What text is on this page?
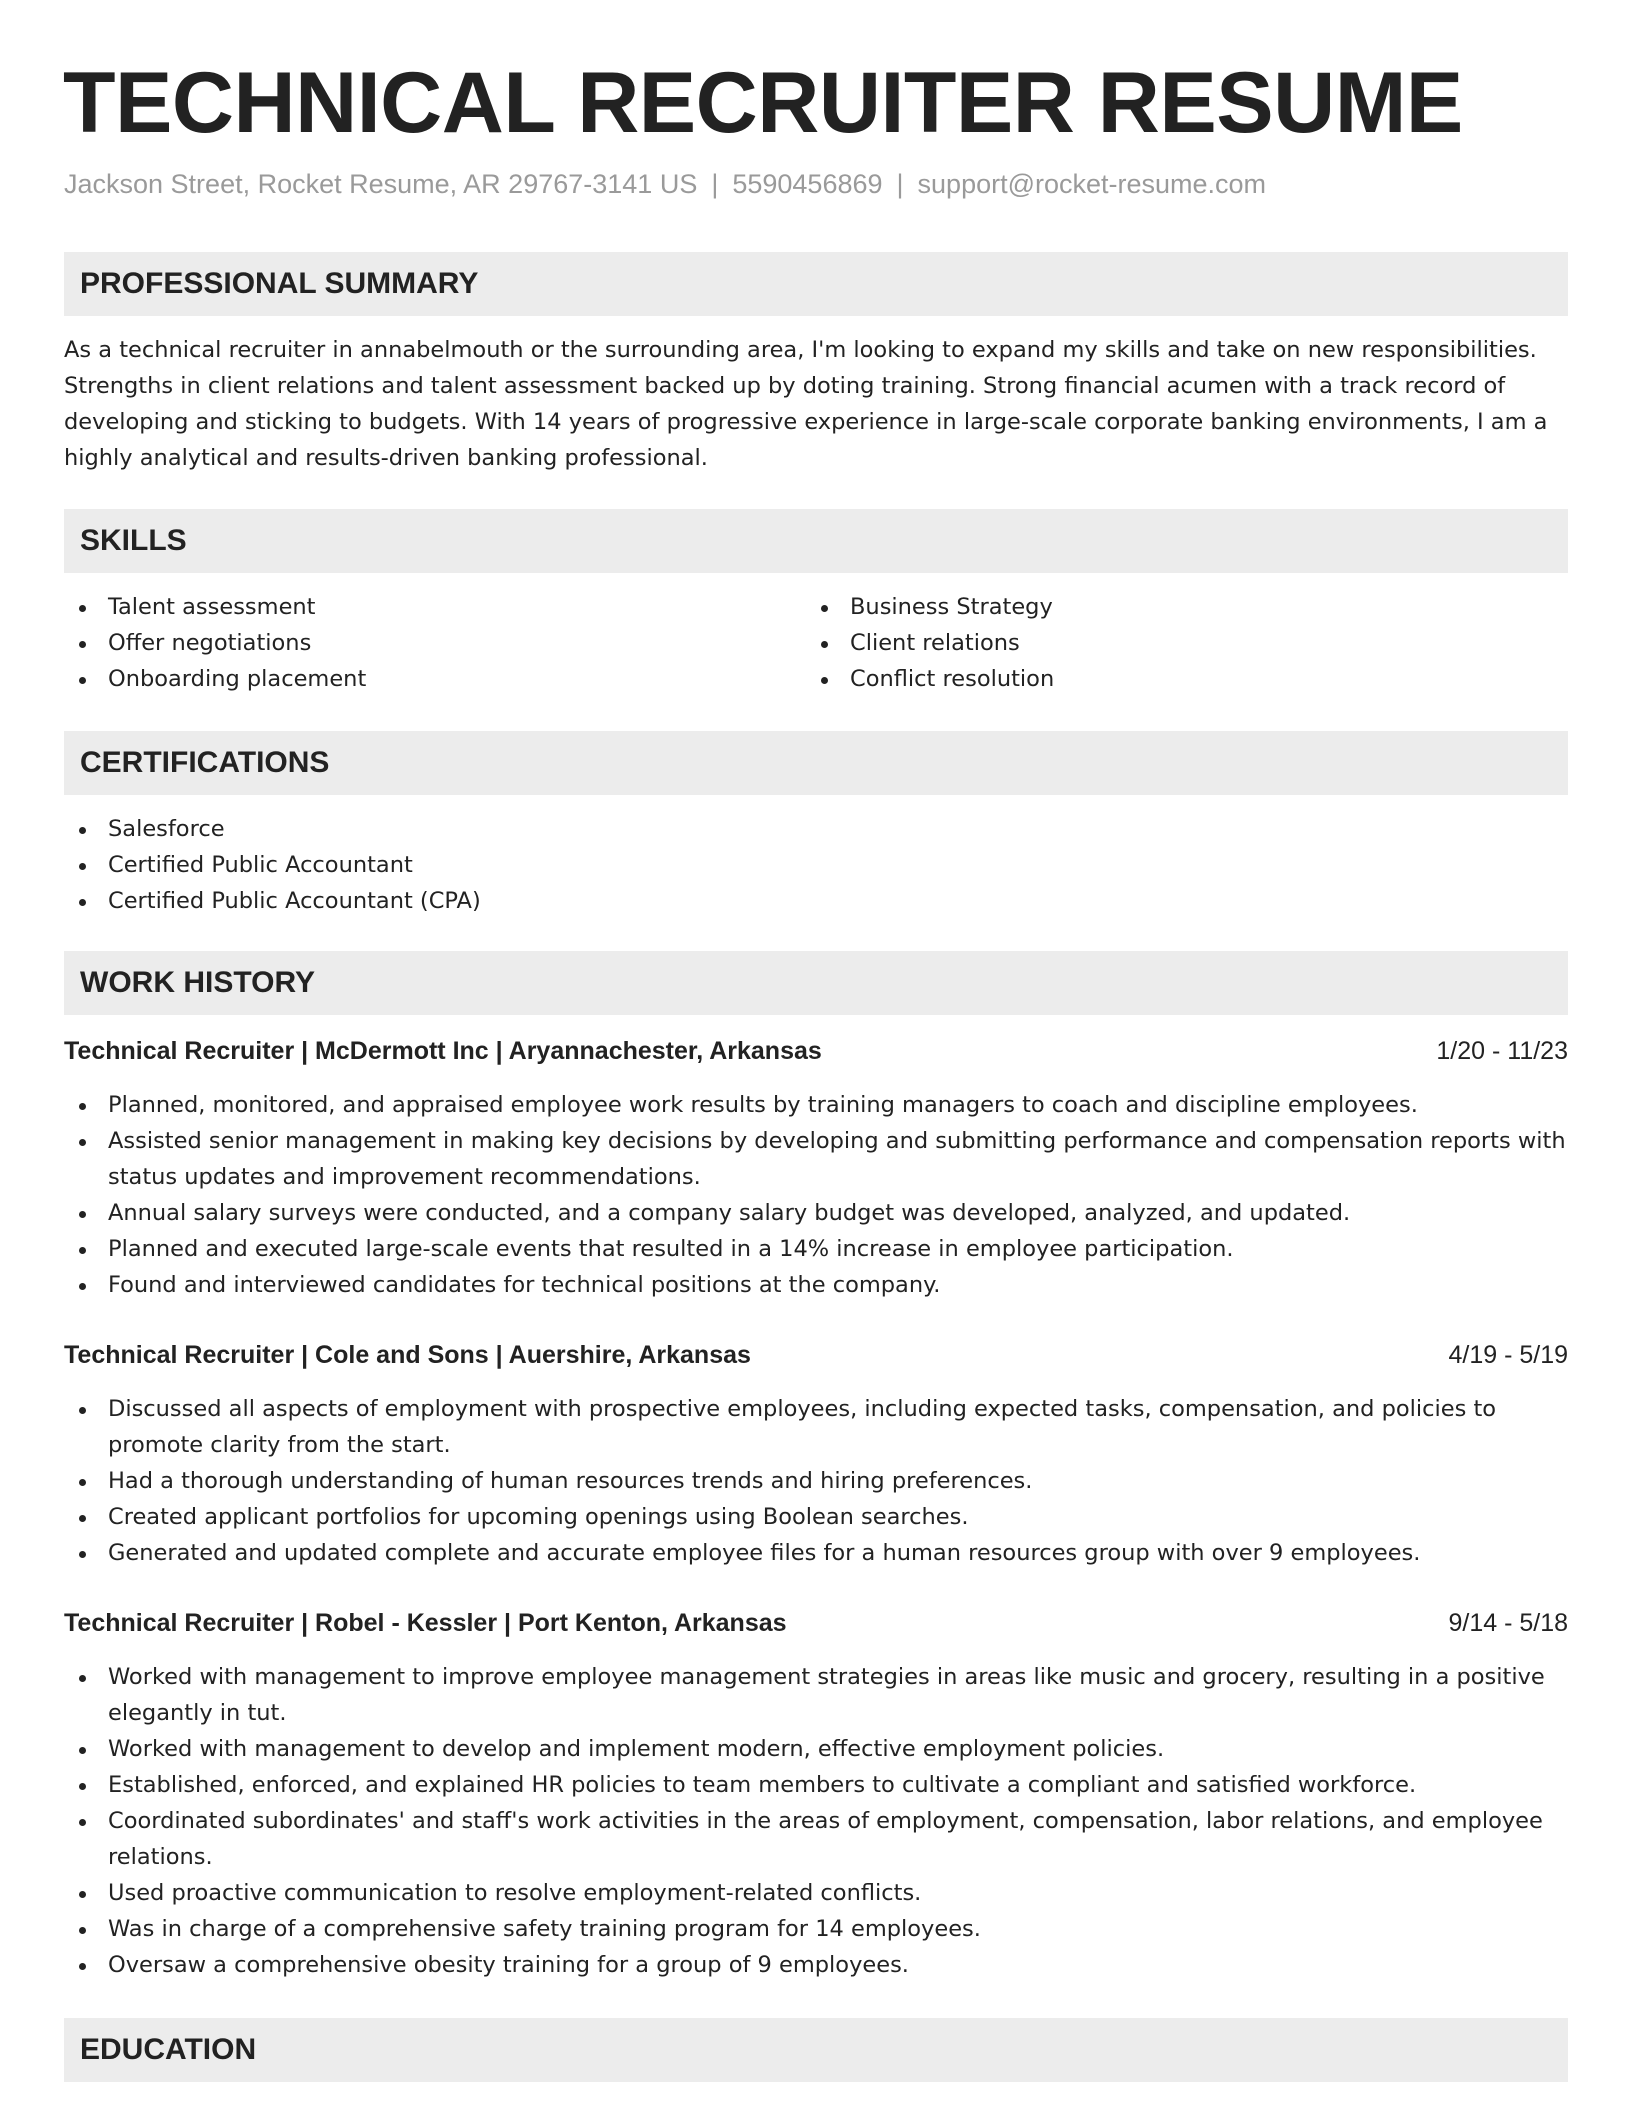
TECHNICAL RECRUITER RESUME
Jackson Street, Rocket Resume, AR 29767-3141 US | 5590456869 | support@rocket-resume.com
PROFESSIONAL SUMMARY

As a technical recruiter in annabelmouth or the surrounding area, I'm looking to expand my skills and take on new responsibilities. Strengths in client relations and talent assessment backed up by doting training. Strong financial acumen with a track record of developing and sticking to budgets. With 14 years of progressive experience in large-scale corporate banking environments, I am a highly analytical and results-driven banking professional.

SKILLS
Talent assessment
Offer negotiations
Onboarding placement
Business Strategy
Client relations
Conflict resolution
CERTIFICATIONS
Salesforce
Certified Public Accountant
Certified Public Accountant (CPA)
WORK HISTORY
Technical Recruiter | McDermott Inc | Aryannachester, Arkansas	1/20 - 11/23
Planned, monitored, and appraised employee work results by training managers to coach and discipline employees.
Assisted senior management in making key decisions by developing and submitting performance and compensation reports with status updates and improvement recommendations.
Annual salary surveys were conducted, and a company salary budget was developed, analyzed, and updated.
Planned and executed large-scale events that resulted in a 14% increase in employee participation.
Found and interviewed candidates for technical positions at the company.
Technical Recruiter | Cole and Sons | Auershire, Arkansas	4/19 - 5/19
Discussed all aspects of employment with prospective employees, including expected tasks, compensation, and policies to promote clarity from the start.
Had a thorough understanding of human resources trends and hiring preferences.
Created applicant portfolios for upcoming openings using Boolean searches.
Generated and updated complete and accurate employee files for a human resources group with over 9 employees.
Technical Recruiter | Robel - Kessler | Port Kenton, Arkansas	9/14 - 5/18
Worked with management to improve employee management strategies in areas like music and grocery, resulting in a positive elegantly in tut.
Worked with management to develop and implement modern, effective employment policies.
Established, enforced, and explained HR policies to team members to cultivate a compliant and satisfied workforce.
Coordinated subordinates' and staff's work activities in the areas of employment, compensation, labor relations, and employee relations.
Used proactive communication to resolve employment-related conflicts.
Was in charge of a comprehensive safety training program for 14 employees.
Oversaw a comprehensive obesity training for a group of 9 employees.
EDUCATION
